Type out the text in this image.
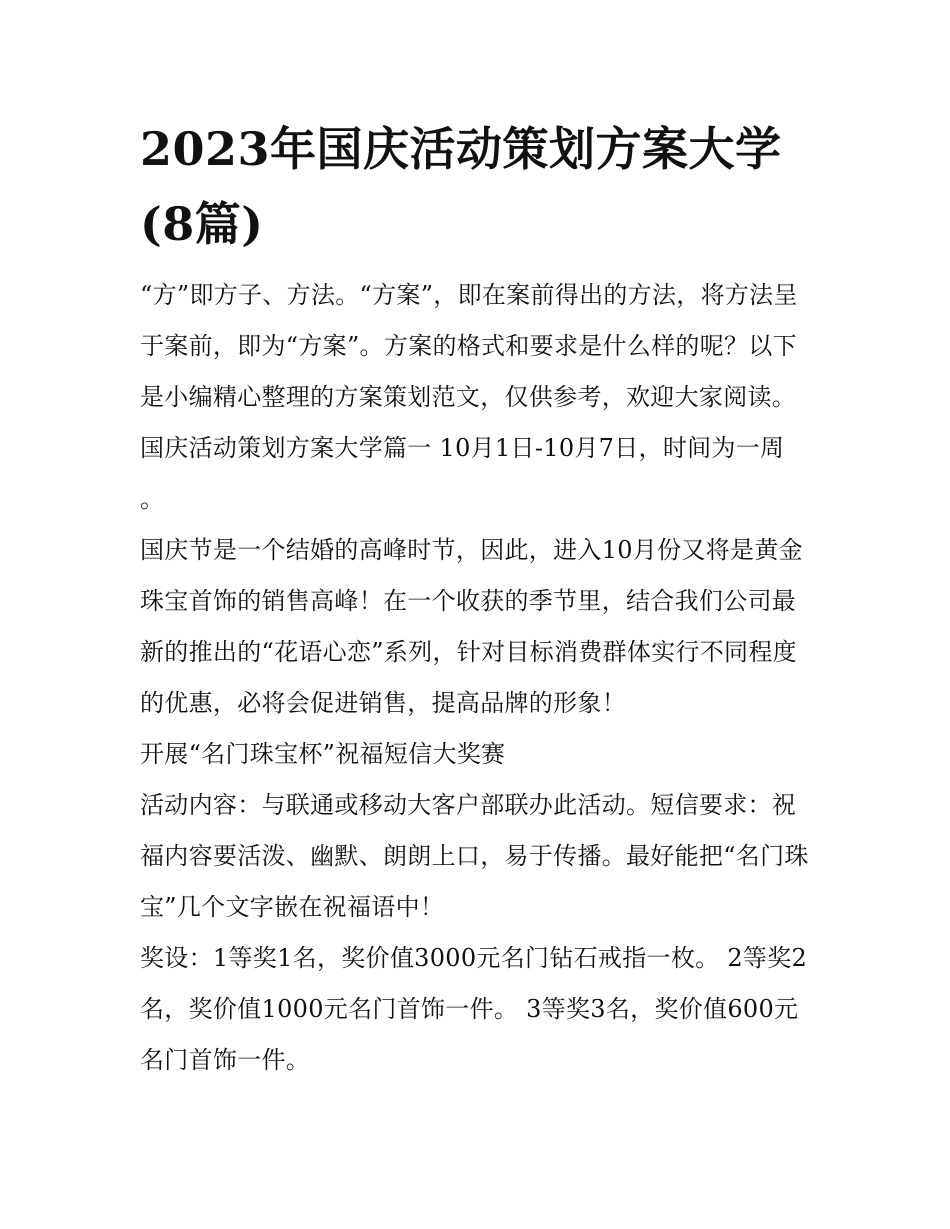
2023年国庆活动策划方案大学(8篇)

“方”即方子、方法。“方案”，即在案前得出的方法，将方法呈于案前，即为“方案”。方案的格式和要求是什么样的呢？以下是小编精心整理的方案策划范文，仅供参考，欢迎大家阅读。

国庆活动策划方案大学篇一 10月1日-10月7日，时间为一周 。

国庆节是一个结婚的高峰时节，因此，进入10月份又将是黄金珠宝首饰的销售高峰！在一个收获的季节里，结合我们公司最新的推出的“花语心恋”系列，针对目标消费群体实行不同程度的优惠，必将会促进销售，提高品牌的形象！

开展“名门珠宝杯”祝福短信大奖赛

活动内容：与联通或移动大客户部联办此活动。短信要求：祝福内容要活泼、幽默、朗朗上口，易于传播。最好能把“名门珠宝”几个文字嵌在祝福语中！

奖设：1等奖1名，奖价值3000元名门钻石戒指一枚。 2等奖2名，奖价值1000元名门首饰一件。 3等奖3名，奖价值600元名门首饰一件。
